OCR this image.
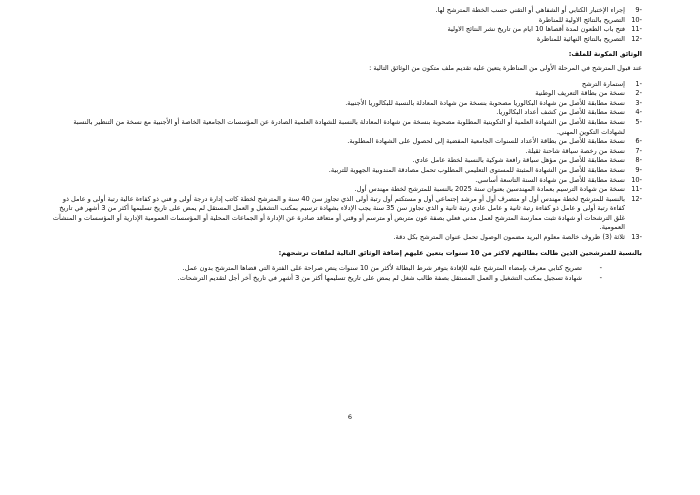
9-
إجراء الإختبار الكتابي أو الشفاهي أو التقني حسب الخطة المترشح لها.
10-
التصريح بالنتائج الاولية للمناظرة
11-
فتح باب الطعون لمدة أقصاها 10 ايام من تاريخ نشر النتائج الاولية
12-
التصريح بالنتائج النهائية للمناظرة
الوثائق المكونة للملف:
عند قبول المترشح في المرحلة الأولى من المناظرة يتعين عليه تقديم ملف متكون من الوثائق التالية :
1-
إستمارة الترشح
2-
نسخة من بطاقة التعريف الوطنية
3-
نسخة مطابقة للأصل من شهادة البكالوريا مصحوبة بنسخة من شهادة المعادلة بالنسبة للبكالوريا الأجنبية.
4-
نسخة مطابقة للأصل من كشف أعداد البكالوريا.
5-
نسخة مطابقة للأصل من الشهادة العلمية أو التكوينية المطلوبة مصحوبة بنسخة من شهادة المعادلة بالنسبة للشهادة العلمية الصادرة عن المؤسسات الجامعية الخاصة أو الأجنبية مع نسخة من التنظير بالنسبة لشهادات التكوين المهني.
6-
نسخة مطابقة للأصل من بطاقة الأعداد للسنوات الجامعية المفضية إلى لحصول على الشهادة المطلوبة.
7-
نسخة من رخصة سياقة شاحنة ثقيلة.
8-
نسخة مطابقة للأصل من مؤهل سياقة رافعة شوكية بالنسبة لخطة عامل عادي.
9-
نسخة مطابقة للأصل من الشهادة المثبتة للمستوى التعليمي المطلوب تحمل مصادقة المندوبية الجهوية للتربية.
10-
نسخة مطابقة للأصل من شهادة السنة التاسعة أساسي.
11-
نسخة من شهادة الترسيم بعمادة المهندسين بعنوان سنة 2025 بالنسبة للمترشح لخطة مهندس أول.
12-
بالنسبة للمترشح لخطة مهندس أول او متصرف أول أو مرشد إجتماعي أول و مستكتم أول رتبة أولى الذي تجاوز سن 40 سنة و المترشح لخطة كاتب إدارة درجة أولى و فني ذو كفاءة عالية رتبة أولى و عامل ذو كفاءة رتبة أولى و عامل ذو كفاءة رتبة ثانية و عامل عادي رتبة ثانية و الذي تجاوز سن 35 سنة يجب الإدلاء بشهادة ترسيم بمكتب التشغيل و العمل المستقل لم يمض على تاريخ تسليمها أكثر من 3 أشهر في تاريخ غلق الترشحات أو شهادة تثبت ممارسة المترشح لعمل مدني فعلي بصفة عون متربص أو مترسم أو وقتي أو متعاقد صادرة عن الإدارة أو الجماعات المحلية أو المؤسسات العمومية الإدارية أو المؤسسات و المنشآت العمومية.
13-
ثلاثة (3) ظروف خالصة معلوم البريد مضمون الوصول تحمل عنوان المترشح بكل دقة.
بالنسبة للمترشحين الذين طالت بطالتهم لاكثر من 10 سنوات يتعين عليهم إضافة الوثائق التالية لملفات ترشحهم:
-
تصريح كتابي معرف بإمضاء المترشح عليه للإفادة بتوفر شرط البطالة لأكثر من 10 سنوات ينص صراحة على الفترة التي قضاها المترشح بدون عمل.
-
شهادة تسجيل بمكتب التشغيل و العمل المستقل بصفة طالب شغل لم يمض على تاريخ تسليمها أكثر من 3 أشهر في تاريخ آخر أجل لتقديم الترشحات.
6
